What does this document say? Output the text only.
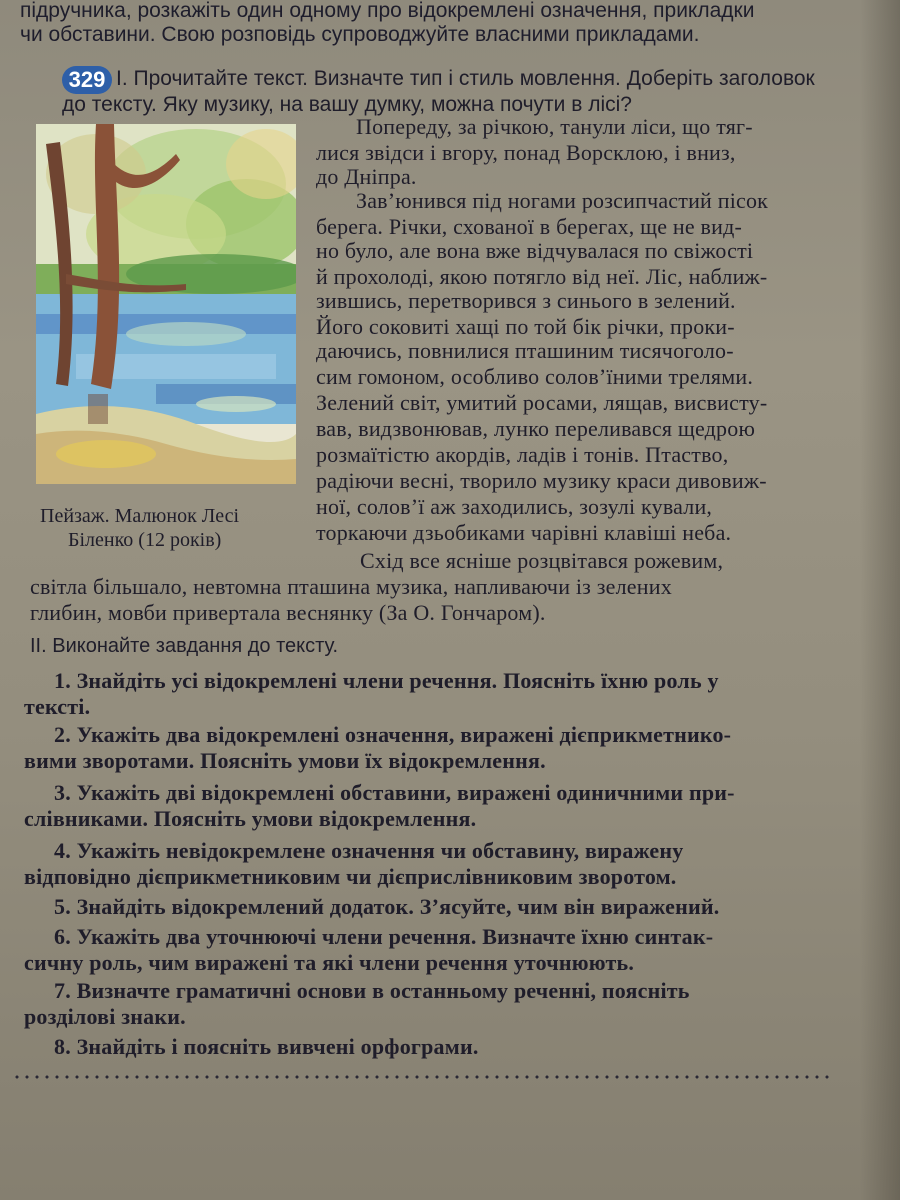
підручника, розкажіть один одному про відокремлені означення, прикладки
чи обставини. Свою розповідь супроводжуйте власними прикладами.
329 I. Прочитайте текст. Визначте тип і стиль мовлення. Доберіть заголовок
до тексту. Яку музику, на вашу думку, можна почути в лісі?
Пейзаж. Малюнок Лесі
Біленко (12 років)
Попереду, за річкою, танули ліси, що тяг-
лися звідси і вгору, понад Ворсклою, і вниз,
до Дніпра.
Зав’юнився під ногами розсипчастий пісок
берега. Річки, схованої в берегах, ще не вид-
но було, але вона вже відчувалася по свіжості
й прохолоді, якою потягло від неї. Ліс, наближ-
зившись, перетворився з синього в зелений.
Його соковиті хащі по той бік річки, проки-
даючись, повнилися пташиним тисячоголо-
сим гомоном, особливо солов’їними трелями.
Зелений світ, умитий росами, лящав, висвисту-
вав, видзвонював, лунко переливався щедрою
розмаїтістю акордів, ладів і тонів. Птаство,
радіючи весні, творило музику краси дивовиж-
ної, солов’ї аж заходились, зозулі кували,
торкаючи дзьобиками чарівні клавіші неба.
Схід все ясніше розцвітався рожевим,
світла більшало, невтомна пташина музика, напливаючи із зелених
глибин, мовби привертала веснянку (За О. Гончаром).
II. Виконайте завдання до тексту.
1. Знайдіть усі відокремлені члени речення. Поясніть їхню роль у
тексті.
2. Укажіть два відокремлені означення, виражені дієприкметнико-
вими зворотами. Поясніть умови їх відокремлення.
3. Укажіть дві відокремлені обставини, виражені одиничними при-
слівниками. Поясніть умови відокремлення.
4. Укажіть невідокремлене означення чи обставину, виражену
відповідно дієприкметниковим чи дієприслівниковим зворотом.
5. Знайдіть відокремлений додаток. З’ясуйте, чим він виражений.
6. Укажіть два уточнюючі члени речення. Визначте їхню синтак-
сичну роль, чим виражені та які члени речення уточнюють.
7. Визначте граматичні основи в останньому реченні, поясніть
розділові знаки.
8. Знайдіть і поясніть вивчені орфограми.
